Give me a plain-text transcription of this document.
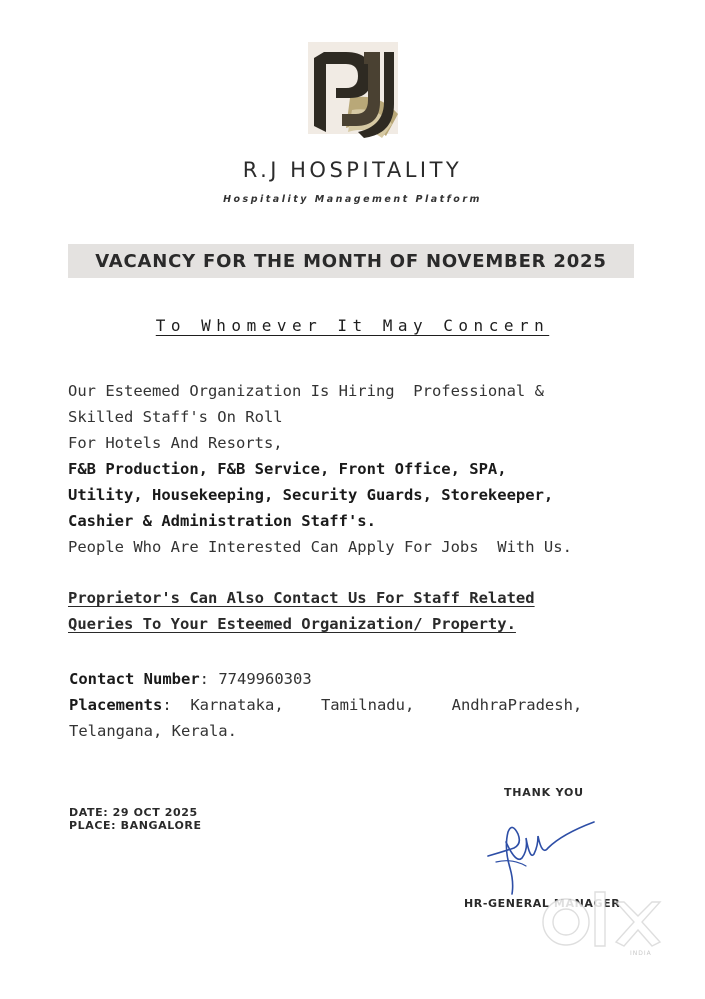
R.J HOSPITALITY
Hospitality Management Platform
VACANCY FOR THE MONTH OF NOVEMBER 2025
To Whomever It May Concern
Our Esteemed Organization Is Hiring  Professional &
Skilled Staff's On Roll
For Hotels And Resorts,
F&B Production, F&B Service, Front Office, SPA,
Utility, Housekeeping, Security Guards, Storekeeper,
Cashier & Administration Staff's.
People Who Are Interested Can Apply For Jobs  With Us.
Proprietor's Can Also Contact Us For Staff Related
Queries To Your Esteemed Organization/ Property.
Contact Number: 7749960303
Placements:  Karnataka,    Tamilnadu,    AndhraPradesh,
Telangana, Kerala.
DATE: 29 OCT 2025
PLACE: BANGALORE
THANK YOU
HR-GENERAL MANAGER
INDIA
